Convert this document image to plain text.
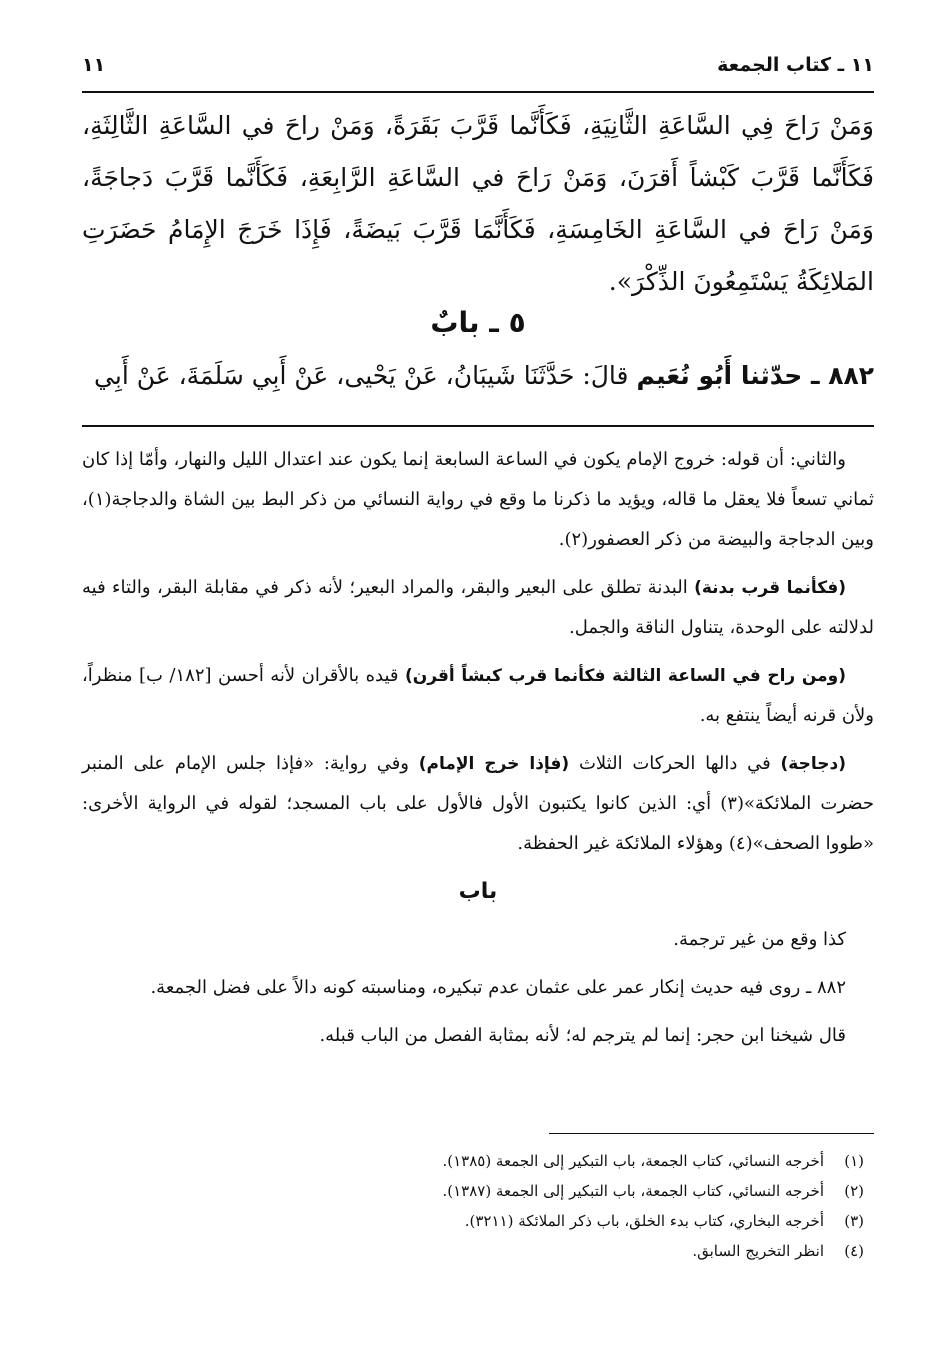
١١ ـ كتاب الجمعة
١١
وَمَنْ رَاحَ فِي السَّاعَةِ الثَّانِيَةِ، فَكَأَنَّما قَرَّبَ بَقَرَةً، وَمَنْ راحَ في السَّاعَةِ الثَّالِثَةِ، فَكَأَنَّما قَرَّبَ كَبْشاً أَقرَنَ، وَمَنْ رَاحَ في السَّاعَةِ الرَّابِعَةِ، فَكَأَنَّما قَرَّبَ دَجاجَةً، وَمَنْ رَاحَ في السَّاعَةِ الخَامِسَةِ، فَكَأَنَّمَا قَرَّبَ بَيضَةً، فَإِذَا خَرَجَ الإِمَامُ حَضَرَتِ المَلائِكَةُ يَسْتَمِعُونَ الذِّكْرَ».
٥ ـ بابٌ
٨٨٢ ـ حدّثنا أَبُو نُعَيم قالَ: حَدَّثَنَا شَيبَانُ، عَنْ يَحْيى، عَنْ أَبِي سَلَمَةَ، عَنْ أَبِي

والثاني: أن قوله: خروج الإمام يكون في الساعة السابعة إنما يكون عند اعتدال الليل والنهار، وأمّا إذا كان ثماني تسعاً فلا يعقل ما قاله، ويؤيد ما ذكرنا ما وقع في رواية النسائي من ذكر البط بين الشاة والدجاجة(١)، وبين الدجاجة والبيضة من ذكر العصفور(٢).

(فكأنما قرب بدنة) البدنة تطلق على البعير والبقر، والمراد البعير؛ لأنه ذكر في مقابلة البقر، والتاء فيه لدلالته على الوحدة، يتناول الناقة والجمل.

(ومن راح في الساعة الثالثة فكأنما قرب كبشاً أقرن) قيده بالأقران لأنه أحسن [١٨٢/ ب] منظراً، ولأن قرنه أيضاً ينتفع به.

(دجاجة) في دالها الحركات الثلاث (فإذا خرج الإمام) وفي رواية: «فإذا جلس الإمام على المنبر حضرت الملائكة»(٣) أي: الذين كانوا يكتبون الأول فالأول على باب المسجد؛ لقوله في الرواية الأخرى: «طووا الصحف»(٤) وهؤلاء الملائكة غير الحفظة.

باب

كذا وقع من غير ترجمة.

٨٨٢ ـ روى فيه حديث إنكار عمر على عثمان عدم تبكيره، ومناسبته كونه دالاً على فضل الجمعة.

قال شيخنا ابن حجر: إنما لم يترجم له؛ لأنه بمثابة الفصل من الباب قبله.

(١)أخرجه النسائي، كتاب الجمعة، باب التبكير إلى الجمعة (١٣٨٥).

(٢)أخرجه النسائي، كتاب الجمعة، باب التبكير إلى الجمعة (١٣٨٧).

(٣)أخرجه البخاري، كتاب بدء الخلق، باب ذكر الملائكة (٣٢١١).

(٤)انظر التخريج السابق.
